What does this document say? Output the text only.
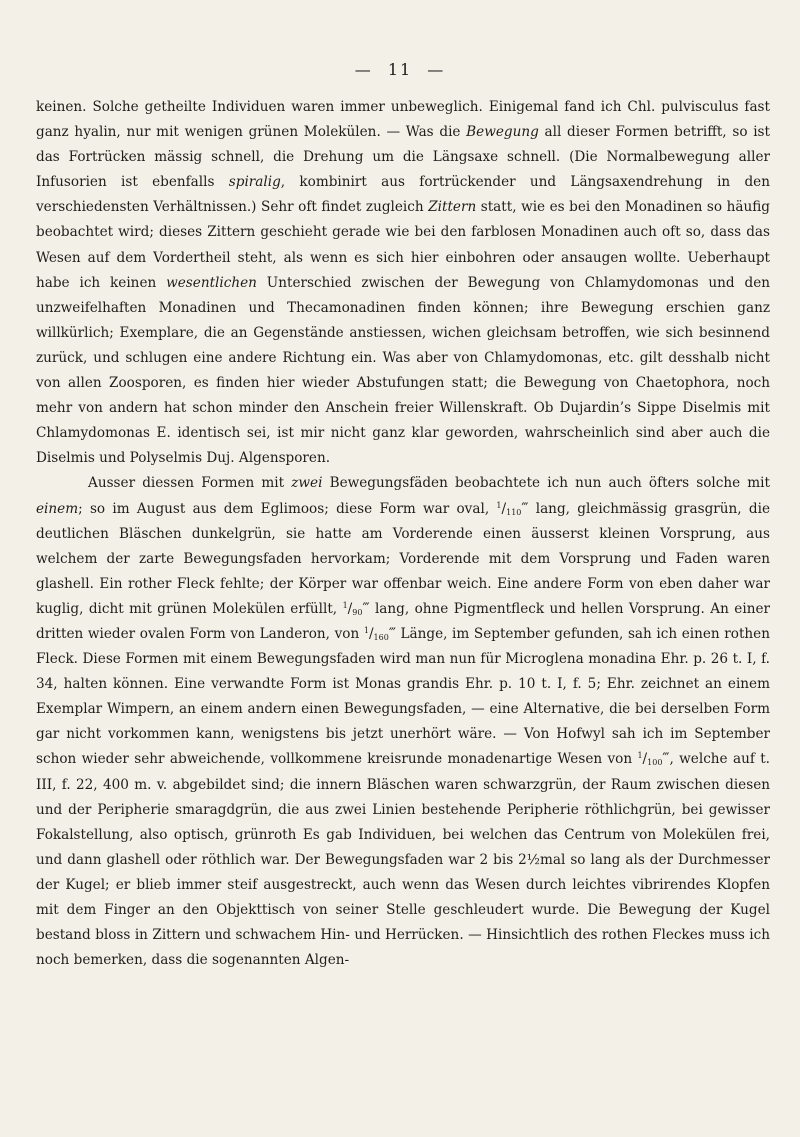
— 11 —

keinen. Solche getheilte Individuen waren immer unbeweglich. Einigemal fand ich Chl. pulvisculus fast ganz hyalin, nur mit wenigen grünen Molekülen. — Was die Bewegung all dieser Formen betrifft, so ist das Fortrücken mässig schnell, die Drehung um die Längsaxe schnell. (Die Normalbewegung aller Infusorien ist ebenfalls spiralig, kombinirt aus fortrückender und Längsaxendrehung in den verschiedensten Verhältnissen.) Sehr oft findet zugleich Zittern statt, wie es bei den Monadinen so häufig beobachtet wird; dieses Zittern geschieht gerade wie bei den farblosen Monadinen auch oft so, dass das Wesen auf dem Vordertheil steht, als wenn es sich hier einbohren oder ansaugen wollte. Ueberhaupt habe ich keinen wesentlichen Unterschied zwischen der Bewegung von Chlamydomonas und den unzweifelhaften Monadinen und Thecamonadinen finden können; ihre Bewegung erschien ganz willkürlich; Exemplare, die an Gegenstände anstiessen, wichen gleichsam betroffen, wie sich besinnend zurück, und schlugen eine andere Richtung ein. Was aber von Chlamydomonas, etc. gilt desshalb nicht von allen Zoosporen, es finden hier wieder Abstufungen statt; die Bewegung von Chaetophora, noch mehr von andern hat schon minder den Anschein freier Willenskraft. Ob Dujardin’s Sippe Diselmis mit Chlamydomonas E. identisch sei, ist mir nicht ganz klar geworden, wahrscheinlich sind aber auch die Diselmis und Polyselmis Duj. Algensporen.

Ausser diessen Formen mit zwei Bewegungsfäden beobachtete ich nun auch öfters solche mit einem; so im August aus dem Eglimoos; diese Form war oval, $^1/_{110}‴$ lang, gleichmässig grasgrün, die deutlichen Bläschen dunkelgrün, sie hatte am Vorderende einen äusserst kleinen Vorsprung, aus welchem der zarte Bewegungsfaden hervorkam; Vorderende mit dem Vorsprung und Faden waren glashell. Ein rother Fleck fehlte; der Körper war offenbar weich. Eine andere Form von eben daher war kuglig, dicht mit grünen Molekülen erfüllt, $^1/_{90}‴$ lang, ohne Pigmentfleck und hellen Vorsprung. An einer dritten wieder ovalen Form von Landeron, von $^1/_{160}‴$ Länge, im September gefunden, sah ich einen rothen Fleck. Diese Formen mit einem Bewegungsfaden wird man nun für Microglena monadina Ehr. p. 26 t. I, f. 34, halten können. Eine verwandte Form ist Monas grandis Ehr. p. 10 t. I, f. 5; Ehr. zeichnet an einem Exemplar Wimpern, an einem andern einen Bewegungsfaden, — eine Alternative, die bei derselben Form gar nicht vorkommen kann, wenigstens bis jetzt unerhört wäre. — Von Hofwyl sah ich im September schon wieder sehr abweichende, vollkommene kreisrunde monadenartige Wesen von $^1/_{100}‴$, welche auf t. III, f. 22, 400 m. v. abgebildet sind; die innern Bläschen waren schwarzgrün, der Raum zwischen diesen und der Peripherie smaragdgrün, die aus zwei Linien bestehende Peripherie röthlichgrün, bei gewisser Fokalstellung, also optisch, grünroth Es gab Individuen, bei welchen das Centrum von Molekülen frei, und dann glashell oder röthlich war. Der Bewegungsfaden war 2 bis 2½mal so lang als der Durchmesser der Kugel; er blieb immer steif ausgestreckt, auch wenn das Wesen durch leichtes vibrirendes Klopfen mit dem Finger an den Objekttisch von seiner Stelle geschleudert wurde. Die Bewegung der Kugel bestand bloss in Zittern und schwachem Hin- und Herrücken. — Hinsichtlich des rothen Fleckes muss ich noch bemerken, dass die sogenannten Algen-
